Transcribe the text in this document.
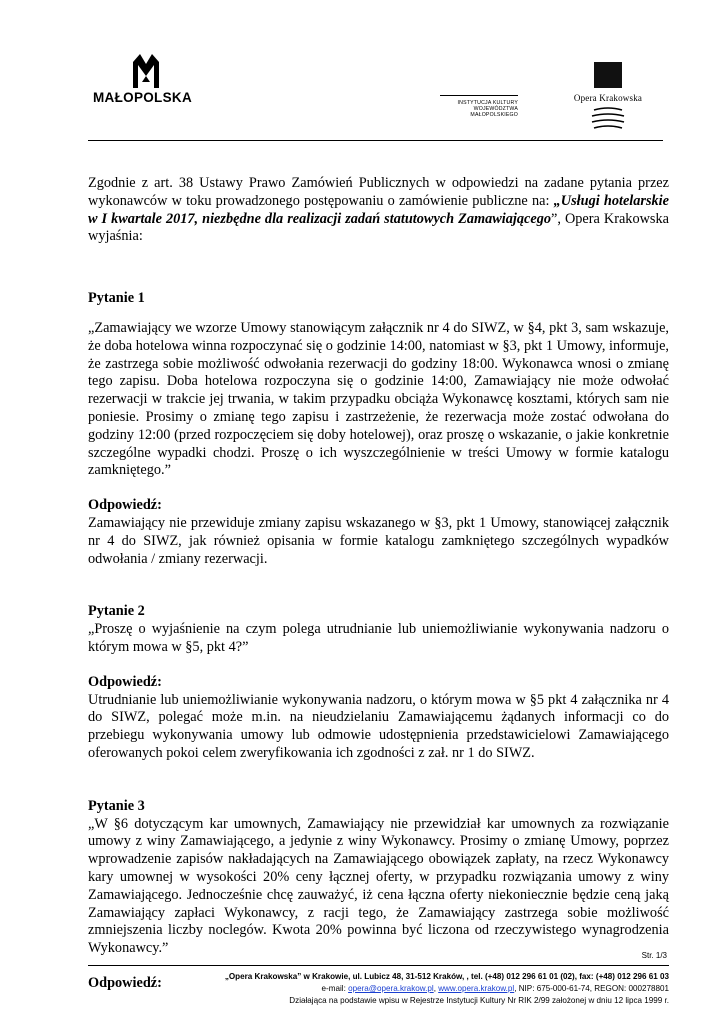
MAŁOPOLSKA	INSTYTUCJA KULTURY
WOJEWÓDZTWA
MAŁOPOLSKIEGO
Opera Krakowska

Zgodnie z art. 38 Ustawy Prawo Zamówień Publicznych w odpowiedzi na zadane pytania przez wykonawców w toku prowadzonego postępowaniu o zamówienie publiczne na: „Usługi hotelarskie w I kwartale 2017, niezbędne dla realizacji zadań statutowych Zamawiającego”, Opera Krakowska wyjaśnia:

Pytanie 1

„Zamawiający we wzorze Umowy stanowiącym załącznik nr 4 do SIWZ, w §4, pkt 3, sam wskazuje, że doba hotelowa winna rozpoczynać się o godzinie 14:00, natomiast w §3, pkt 1 Umowy, informuje, że zastrzega sobie możliwość odwołania rezerwacji do godziny 18:00. Wykonawca wnosi o zmianę tego zapisu. Doba hotelowa rozpoczyna się o godzinie 14:00, Zamawiający nie może odwołać rezerwacji w trakcie jej trwania, w takim przypadku obciąża Wykonawcę kosztami, których sam nie poniesie. Prosimy o zmianę tego zapisu i zastrzeżenie, że rezerwacja może zostać odwołana do godziny 12:00 (przed rozpoczęciem się doby hotelowej), oraz proszę o wskazanie, o jakie konkretnie szczególne wypadki chodzi. Proszę o ich wyszczególnienie w treści Umowy w formie katalogu zamkniętego.”

Odpowiedź:

Zamawiający nie przewiduje zmiany zapisu wskazanego w §3, pkt 1 Umowy, stanowiącej załącznik nr 4 do SIWZ, jak również opisania w formie katalogu zamkniętego szczególnych wypadków odwołania / zmiany rezerwacji.

Pytanie 2

„Proszę o wyjaśnienie na czym polega utrudnianie lub uniemożliwianie wykonywania nadzoru o którym mowa w §5, pkt 4?”

Odpowiedź:

Utrudnianie lub uniemożliwianie wykonywania nadzoru, o którym mowa w §5 pkt 4 załącznika nr 4 do SIWZ, polegać może m.in. na nieudzielaniu Zamawiającemu żądanych informacji co do przebiegu wykonywania umowy lub odmowie udostępnienia przedstawicielowi Zamawiającego oferowanych pokoi celem zweryfikowania ich zgodności z zał. nr 1 do SIWZ.

Pytanie 3

„W §6 dotyczącym kar umownych, Zamawiający nie przewidział kar umownych za rozwiązanie umowy z winy Zamawiającego, a jedynie z winy Wykonawcy. Prosimy o zmianę Umowy, poprzez wprowadzenie zapisów nakładających na Zamawiającego obowiązek zapłaty, na rzecz Wykonawcy kary umownej w wysokości 20% ceny łącznej oferty, w przypadku rozwiązania umowy z winy Zamawiającego. Jednocześnie chcę zauważyć, iż cena łączna oferty niekoniecznie będzie ceną jaką Zamawiający zapłaci Wykonawcy, z racji tego, że Zamawiający zastrzega sobie możliwość zmniejszenia liczby noclegów. Kwota 20% powinna być liczona od rzeczywistego wynagrodzenia Wykonawcy.”

Odpowiedź:
Str. 1/3
„Opera Krakowska” w Krakowie, ul. Lubicz 48, 31-512 Kraków, , tel. (+48) 012 296 61 01 (02), fax: (+48) 012 296 61 03
e-mail: opera@opera.krakow.pl, www.opera.krakow.pl, NIP: 675-000-61-74, REGON: 000278801
Działająca na podstawie wpisu w Rejestrze Instytucji Kultury Nr RIK 2/99 założonej w dniu 12 lipca 1999 r.
